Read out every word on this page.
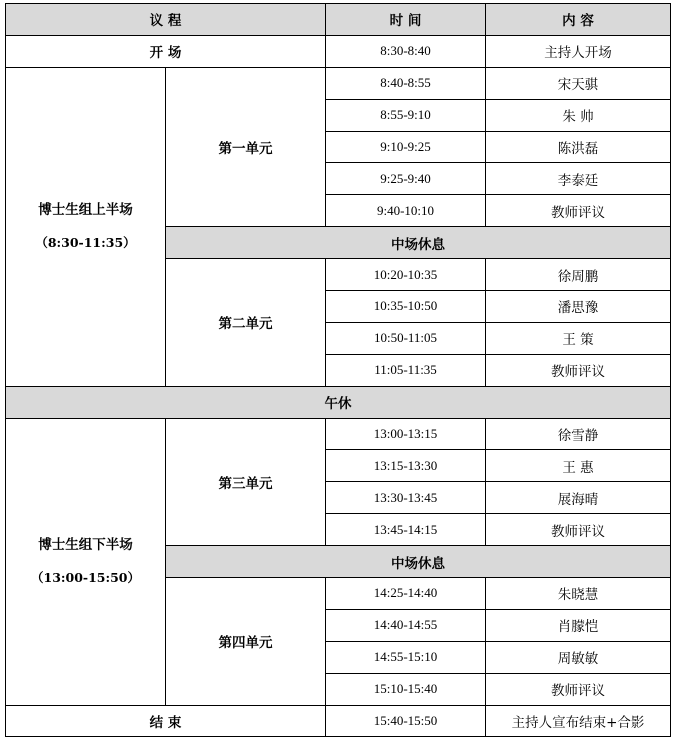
议 程		时 间	内 容
开 场		8:30-8:40	主持人开场
博士生组上半场
（8:30-11:35）	第一单元	8:40-8:55	宋天骐
		8:55-9:10	朱 帅
		9:10-9:25	陈洪磊
		9:25-9:40	李泰廷
		9:40-10:10	教师评议
	中场休息		
	第二单元	10:20-10:35	徐周鹏
		10:35-10:50	潘思豫
		10:50-11:05	王 策
		11:05-11:35	教师评议
午休			
博士生组下半场
（13:00-15:50）	第三单元	13:00-13:15	徐雪静
		13:15-13:30	王 惠
		13:30-13:45	展海晴
		13:45-14:15	教师评议
	中场休息		
	第四单元	14:25-14:40	朱晓慧
		14:40-14:55	肖朦恺
		14:55-15:10	周敏敏
		15:10-15:40	教师评议
结 束		15:40-15:50	主持人宣布结束+合影
